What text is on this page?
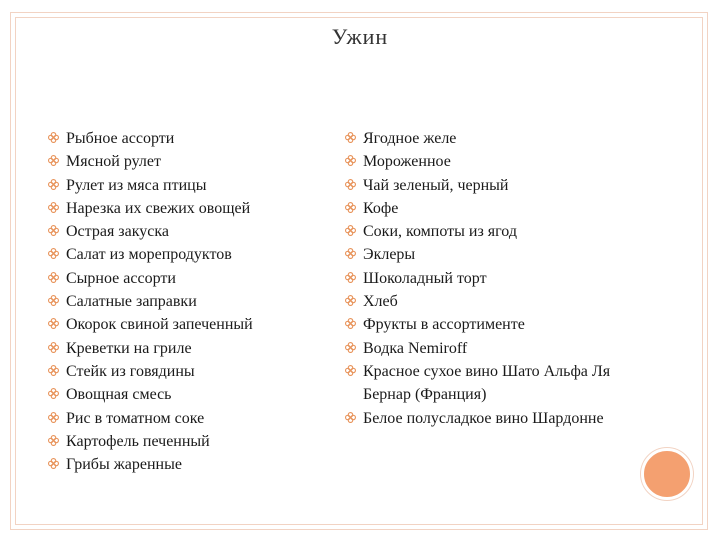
Ужин
Рыбное ассорти
Мясной рулет
Рулет из мяса птицы
Нарезка их свежих овощей
Острая закуска
Салат из морепродуктов
Сырное ассорти
Салатные заправки
Окорок свиной запеченный
Креветки на гриле
Стейк из говядины
Овощная смесь
Рис в томатном соке
Картофель печенный
Грибы жаренные
Ягодное желе
Мороженное
Чай зеленый, черный
Кофе
Соки, компоты из ягод
Эклеры
Шоколадный торт
Хлеб
Фрукты в ассортименте
Водка Nemiroff
Красное сухое вино Шато Альфа Ля Бернар (Франция)
Белое полусладкое вино Шардонне
